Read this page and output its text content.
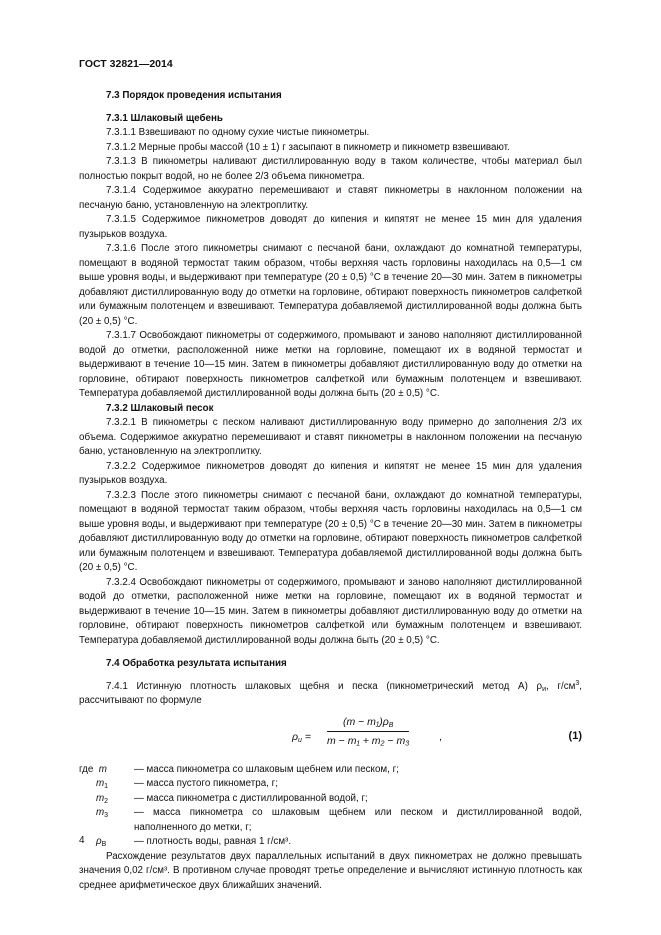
ГОСТ 32821—2014
7.3 Порядок проведения испытания
7.3.1 Шлаковый щебень
7.3.1.1 Взвешивают по одному сухие чистые пикнометры.
7.3.1.2 Мерные пробы массой (10 ± 1) г засыпают в пикнометр и пикнометр взвешивают.
7.3.1.3 В пикнометры наливают дистиллированную воду в таком количестве, чтобы материал был полностью покрыт водой, но не более 2/3 объема пикнометра.
7.3.1.4 Содержимое аккуратно перемешивают и ставят пикнометры в наклонном положении на песчаную баню, установленную на электроплитку.
7.3.1.5 Содержимое пикнометров доводят до кипения и кипятят не менее 15 мин для удаления пузырьков воздуха.
7.3.1.6 После этого пикнометры снимают с песчаной бани, охлаждают до комнатной температуры, помещают в водяной термостат таким образом, чтобы верхняя часть горловины находилась на 0,5—1 см выше уровня воды, и выдерживают при температуре (20 ± 0,5) °С в течение 20—30 мин. Затем в пикнометры добавляют дистиллированную воду до отметки на горловине, обтирают поверхность пикнометров салфеткой или бумажным полотенцем и взвешивают. Температура добавляемой дистиллированной воды должна быть (20 ± 0,5) °С.
7.3.1.7 Освобождают пикнометры от содержимого, промывают и заново наполняют дистиллированной водой до отметки, расположенной ниже метки на горловине, помещают их в водяной термостат и выдерживают в течение 10—15 мин. Затем в пикнометры добавляют дистиллированную воду до отметки на горловине, обтирают поверхность пикнометров салфеткой или бумажным полотенцем и взвешивают. Температура добавляемой дистиллированной воды должна быть (20 ± 0,5) °С.
7.3.2 Шлаковый песок
7.3.2.1 В пикнометры с песком наливают дистиллированную воду примерно до заполнения 2/3 их объема. Содержимое аккуратно перемешивают и ставят пикнометры в наклонном положении на песчаную баню, установленную на электроплитку.
7.3.2.2 Содержимое пикнометров доводят до кипения и кипятят не менее 15 мин для удаления пузырьков воздуха.
7.3.2.3 После этого пикнометры снимают с песчаной бани, охлаждают до комнатной температуры, помещают в водяной термостат таким образом, чтобы верхняя часть горловины находилась на 0,5—1 см выше уровня воды, и выдерживают при температуре (20 ± 0,5) °С в течение 20—30 мин. Затем в пикнометры добавляют дистиллированную воду до отметки на горловине, обтирают поверхность пикнометров салфеткой или бумажным полотенцем и взвешивают. Температура добавляемой дистиллированной воды должна быть (20 ± 0,5) °С.
7.3.2.4 Освобождают пикнометры от содержимого, промывают и заново наполняют дистиллированной водой до отметки, расположенной ниже метки на горловине, помещают их в водяной термостат и выдерживают в течение 10—15 мин. Затем в пикнометры добавляют дистиллированную воду до отметки на горловине, обтирают поверхность пикнометров салфеткой или бумажным полотенцем и взвешивают. Температура добавляемой дистиллированной воды должна быть (20 ± 0,5) °С.
7.4 Обработка результата испытания
7.4.1 Истинную плотность шлаковых щебня и песка (пикнометрический метод А) $\rho_и$, $г/см^3$, рассчитывают по формуле
$\rho_и = \frac{(m - m_1)\rho_B}{\text{m − m₁ + m₂ − m₃}}$	,	(1)
где m	— масса пикнометра со шлаковым щебнем или песком, г;
$m_1$	— масса пустого пикнометра, г;
$m_2$	— масса пикнометра с дистиллированной водой, г;
$m_3$	— масса пикнометра со шлаковым щебнем или песком и дистиллированной водой, наполненного до метки, г;
$\rho_B$	— плотность воды, равная 1 г/см³.
Расхождение результатов двух параллельных испытаний в двух пикнометрах не должно превышать значения 0,02 г/см³. В противном случае проводят третье определение и вычисляют истинную плотность как среднее арифметическое двух ближайших значений.
4
